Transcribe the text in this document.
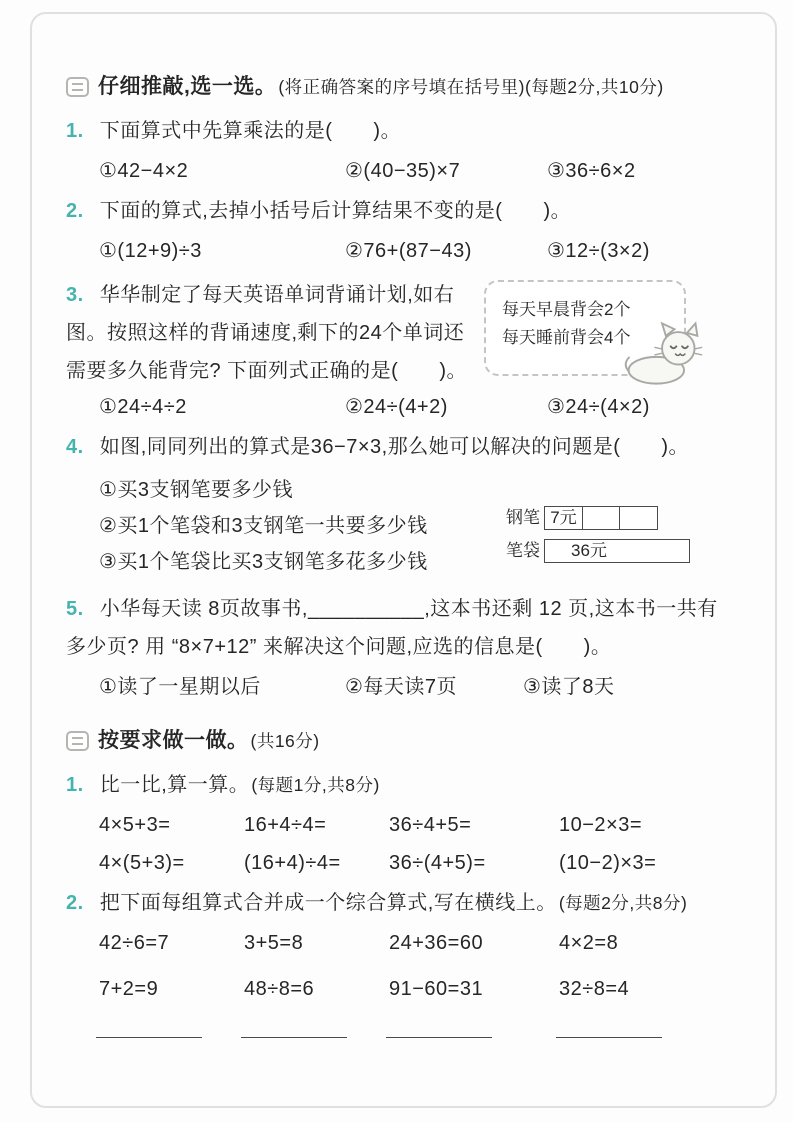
仔细推敲,选一选。 (将正确答案的序号填在括号里)(每题2分,共10分)
1. 下面算式中先算乘法的是(　　)。
①42−4×2	②(40−35)×7	③36÷6×2
2. 下面的算式,去掉小括号后计算结果不变的是(　　)。
①(12+9)÷3	②76+(87−43)	③12÷(3×2)
每天早晨背会2个
每天睡前背会4个
3. 华华制定了每天英语单词背诵计划,如右图。按照这样的背诵速度,剩下的24个单词还需要多久能背完? 下面列式正确的是(　　)。
①24÷4÷2	②24÷(4+2)	③24÷(4×2)
4. 如图,同同列出的算式是36−7×3,那么她可以解决的问题是(　　)。
①买3支钢笔要多少钱
②买1个笔袋和3支钢笔一共要多少钱
③买1个笔袋比买3支钢笔多花多少钱
钢笔 7元
笔袋	36元
5. 小华每天读 8页故事书,__________,这本书还剩 12 页,这本书一共有多少页? 用 “8×7+12” 来解决这个问题,应选的信息是(　　)。
①读了一星期以后	②每天读7页	③读了8天
按要求做一做。 (共16分)
1. 比一比,算一算。 (每题1分,共8分)
4×5+3=	16+4÷4=	36÷4+5=	10−2×3=
4×(5+3)=	(16+4)÷4=	36÷(4+5)=	(10−2)×3=
2. 把下面每组算式合并成一个综合算式,写在横线上。 (每题2分,共8分)
42÷6=7	3+5=8	24+36=60	4×2=8
7+2=9	48÷8=6	91−60=31	32÷8=4
